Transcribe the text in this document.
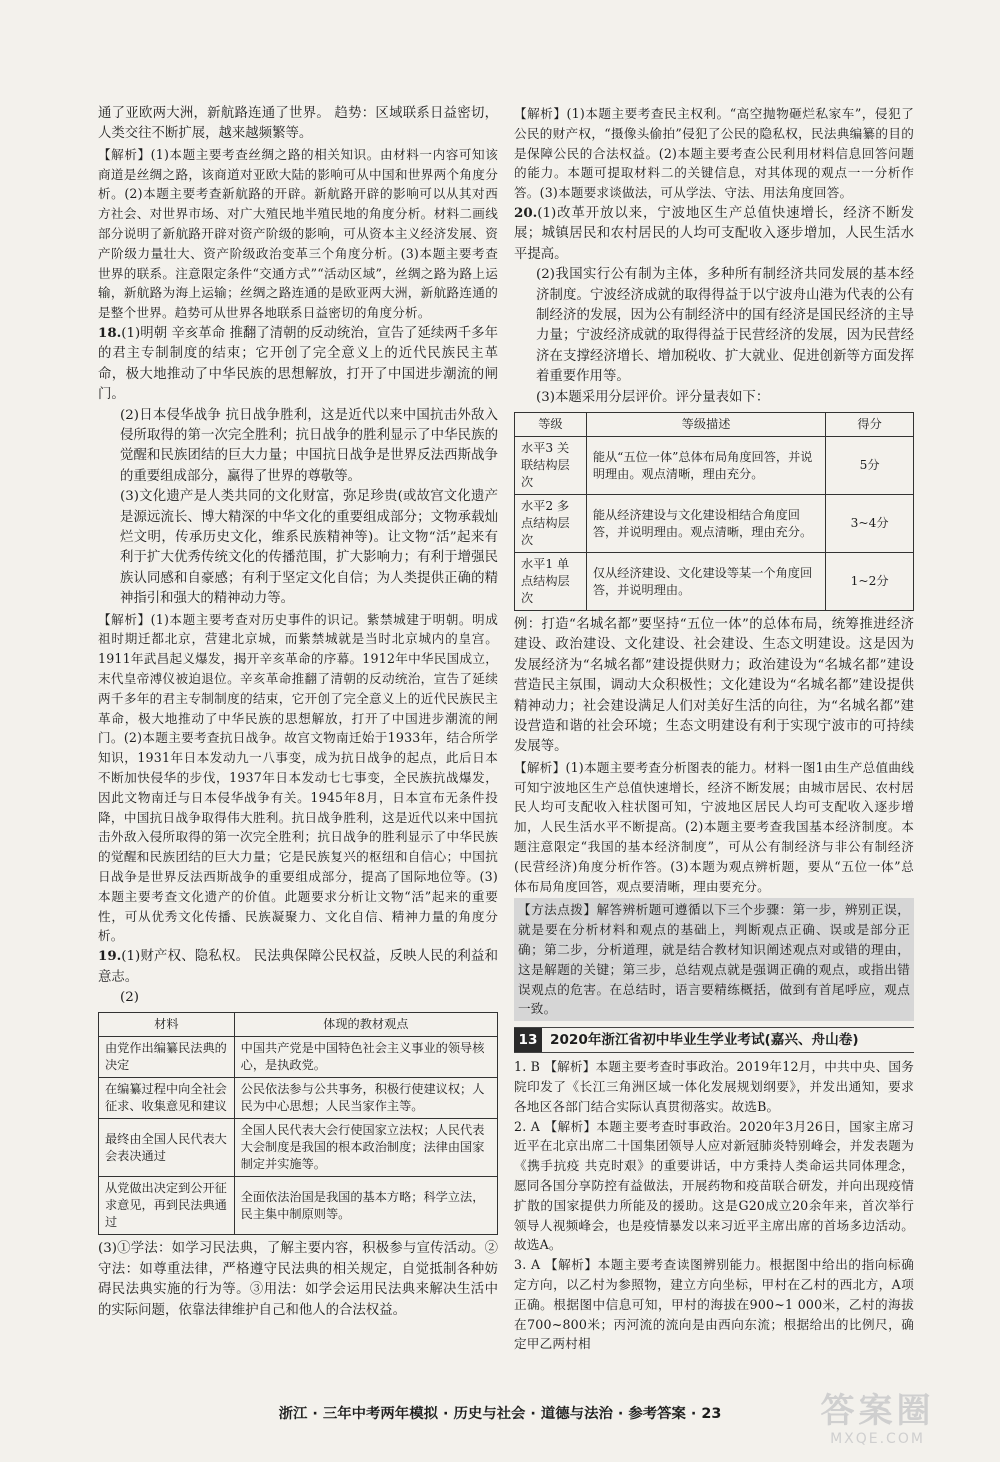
通了亚欧两大洲，新航路连通了世界。 趋势：区域联系日益密切，人类交往不断扩展，越来越频繁等。

【解析】(1)本题主要考查丝绸之路的相关知识。由材料一内容可知该商道是丝绸之路，该商道对亚欧大陆的影响可从中国和世界两个角度分析。(2)本题主要考查新航路的开辟。新航路开辟的影响可以从其对西方社会、对世界市场、对广大殖民地半殖民地的角度分析。材料二画线部分说明了新航路开辟对资产阶级的影响，可从资本主义经济发展、资产阶级力量壮大、资产阶级政治变革三个角度分析。(3)本题主要考查世界的联系。注意限定条件“交通方式”“活动区域”，丝绸之路为路上运输，新航路为海上运输；丝绸之路连通的是欧亚两大洲，新航路连通的是整个世界。趋势可从世界各地联系日益密切的角度分析。

18.(1)明朝 辛亥革命 推翻了清朝的反动统治，宣告了延续两千多年的君主专制制度的结束；它开创了完全意义上的近代民族民主革命，极大地推动了中华民族的思想解放，打开了中国进步潮流的闸门。

(2)日本侵华战争 抗日战争胜利，这是近代以来中国抗击外敌入侵所取得的第一次完全胜利；抗日战争的胜利显示了中华民族的觉醒和民族团结的巨大力量；中国抗日战争是世界反法西斯战争的重要组成部分，赢得了世界的尊敬等。

(3)文化遗产是人类共同的文化财富，弥足珍贵(或故宫文化遗产是源远流长、博大精深的中华文化的重要组成部分；文物承载灿烂文明，传承历史文化，维系民族精神等)。让文物“活”起来有利于扩大优秀传统文化的传播范围，扩大影响力；有利于增强民族认同感和自豪感；有利于坚定文化自信；为人类提供正确的精神指引和强大的精神动力等。

【解析】(1)本题主要考查对历史事件的识记。紫禁城建于明朝。明成祖时期迁都北京，营建北京城，而紫禁城就是当时北京城内的皇宫。1911年武昌起义爆发，揭开辛亥革命的序幕。1912年中华民国成立，末代皇帝溥仪被迫退位。辛亥革命推翻了清朝的反动统治，宣告了延续两千多年的君主专制制度的结束，它开创了完全意义上的近代民族民主革命，极大地推动了中华民族的思想解放，打开了中国进步潮流的闸门。(2)本题主要考查抗日战争。故宫文物南迁始于1933年，结合所学知识，1931年日本发动九一八事变，成为抗日战争的起点，此后日本不断加快侵华的步伐，1937年日本发动七七事变，全民族抗战爆发，因此文物南迁与日本侵华战争有关。1945年8月，日本宣布无条件投降，中国抗日战争取得伟大胜利。抗日战争胜利，这是近代以来中国抗击外敌入侵所取得的第一次完全胜利；抗日战争的胜利显示了中华民族的觉醒和民族团结的巨大力量；它是民族复兴的枢纽和自信心；中国抗日战争是世界反法西斯战争的重要组成部分，提高了国际地位等。(3)本题主要考查文化遗产的价值。此题要求分析让文物“活”起来的重要性，可从优秀文化传播、民族凝聚力、文化自信、精神力量的角度分析。

19.(1)财产权、隐私权。 民法典保障公民权益，反映人民的利益和意志。

(2)

材料	体现的教材观点
由党作出编纂民法典的决定	中国共产党是中国特色社会主义事业的领导核心，是执政党。
在编纂过程中向全社会征求、收集意见和建议	公民依法参与公共事务，积极行使建议权；人民为中心思想；人民当家作主等。
最终由全国人民代表大会表决通过	全国人民代表大会行使国家立法权；人民代表大会制度是我国的根本政治制度；法律由国家制定并实施等。
从党做出决定到公开征求意见，再到民法典通过	全面依法治国是我国的基本方略；科学立法，民主集中制原则等。

(3)①学法：如学习民法典，了解主要内容，积极参与宣传活动。②守法：如尊重法律，严格遵守民法典的相关规定，自觉抵制各种妨碍民法典实施的行为等。③用法：如学会运用民法典来解决生活中的实际问题，依靠法律维护自己和他人的合法权益。

【解析】(1)本题主要考查民主权利。“高空抛物砸烂私家车”，侵犯了公民的财产权，“摄像头偷拍”侵犯了公民的隐私权，民法典编纂的目的是保障公民的合法权益。(2)本题主要考查公民利用材料信息回答问题的能力。本题可提取材料二的关键信息，对其体现的观点一一分析作答。(3)本题要求谈做法，可从学法、守法、用法角度回答。

20.(1)改革开放以来，宁波地区生产总值快速增长，经济不断发展；城镇居民和农村居民的人均可支配收入逐步增加，人民生活水平提高。

(2)我国实行公有制为主体，多种所有制经济共同发展的基本经济制度。宁波经济成就的取得得益于以宁波舟山港为代表的公有制经济的发展，因为公有制经济中的国有经济是国民经济的主导力量；宁波经济成就的取得得益于民营经济的发展，因为民营经济在支撑经济增长、增加税收、扩大就业、促进创新等方面发挥着重要作用等。

(3)本题采用分层评价。评分量表如下：

等级	等级描述	得分
水平3 关联结构层次	能从“五位一体”总体布局角度回答，并说明理由。观点清晰，理由充分。	5分
水平2 多点结构层次	能从经济建设与文化建设相结合角度回答，并说明理由。观点清晰，理由充分。	3~4分
水平1 单点结构层次	仅从经济建设、文化建设等某一个角度回答，并说明理由。	1~2分

例：打造“名城名都”要坚持“五位一体”的总体布局，统筹推进经济建设、政治建设、文化建设、社会建设、生态文明建设。这是因为发展经济为“名城名都”建设提供财力；政治建设为“名城名都”建设营造民主氛围，调动大众积极性；文化建设为“名城名都”建设提供精神动力；社会建设满足人们对美好生活的向往，为“名城名都”建设营造和谐的社会环境；生态文明建设有利于实现宁波市的可持续发展等。

【解析】(1)本题主要考查分析图表的能力。材料一图1由生产总值曲线可知宁波地区生产总值快速增长，经济不断发展；由城市居民、农村居民人均可支配收入柱状图可知，宁波地区居民人均可支配收入逐步增加，人民生活水平不断提高。(2)本题主要考查我国基本经济制度。本题注意限定“我国的基本经济制度”，可从公有制经济与非公有制经济(民营经济)角度分析作答。(3)本题为观点辨析题，要从“五位一体”总体布局角度回答，观点要清晰，理由要充分。

【方法点拨】解答辨析题可遵循以下三个步骤：第一步，辨别正误，就是要在分析材料和观点的基础上，判断观点正确、误或是部分正确；第二步，分析道理，就是结合教材知识阐述观点对或错的理由，这是解题的关键；第三步，总结观点就是强调正确的观点，或指出错误观点的危害。在总结时，语言要精练概括，做到有首尾呼应，观点一致。

13 2020年浙江省初中毕业生学业考试(嘉兴、舟山卷)

1. B 【解析】本题主要考查时事政治。2019年12月，中共中央、国务院印发了《长江三角洲区域一体化发展规划纲要》，并发出通知，要求各地区各部门结合实际认真贯彻落实。故选B。

2. A 【解析】本题主要考查时事政治。2020年3月26日，国家主席习近平在北京出席二十国集团领导人应对新冠肺炎特别峰会，并发表题为《携手抗疫 共克时艰》的重要讲话，中方秉持人类命运共同体理念，愿同各国分享防控有益做法，开展药物和疫苗联合研发，并向出现疫情扩散的国家提供力所能及的援助。这是G20成立20余年来，首次举行领导人视频峰会，也是疫情暴发以来习近平主席出席的首场多边活动。故选A。

3. A 【解析】本题主要考查读图辨别能力。根据图中给出的指向标确定方向，以乙村为参照物，建立方向坐标，甲村在乙村的西北方，A项正确。根据图中信息可知，甲村的海拔在900~1 000米，乙村的海拔在700~800米；丙河流的流向是由西向东流；根据给出的比例尺，确定甲乙两村相

浙江 · 三年中考两年模拟 · 历史与社会 · 道德与法治 · 参考答案 · 23	答案圈
MXQE.COM
